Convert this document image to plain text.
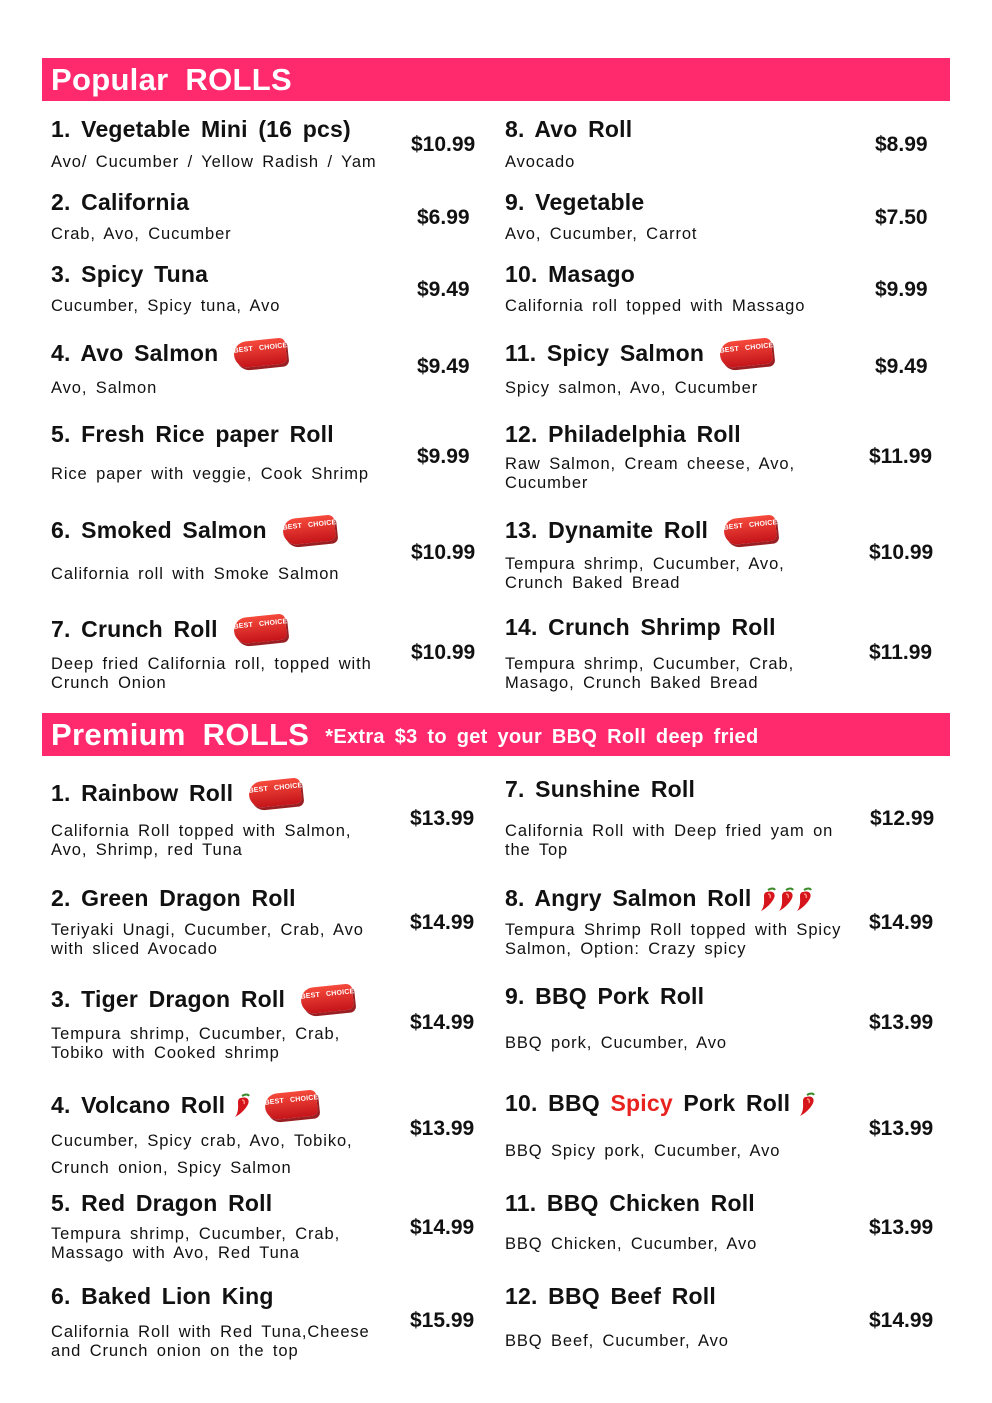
Popular ROLLS
1. Vegetable Mini (16 pcs)
Avo/ Cucumber / Yellow Radish / Yam
$10.99
2. California
Crab, Avo, Cucumber
$6.99
3. Spicy Tuna
Cucumber, Spicy tuna, Avo
$9.49
4. Avo Salmon BEST CHOICE
Avo, Salmon
$9.49
5. Fresh Rice paper Roll
Rice paper with veggie, Cook Shrimp
$9.99
6. Smoked Salmon BEST CHOICE
California roll with Smoke Salmon
$10.99
7. Crunch Roll BEST CHOICE
Deep fried California roll, topped with
Crunch Onion
$10.99
8. Avo Roll
Avocado
$8.99
9. Vegetable
Avo, Cucumber, Carrot
$7.50
10. Masago
California roll topped with Massago
$9.99
11. Spicy Salmon BEST CHOICE
Spicy salmon, Avo, Cucumber
$9.49
12. Philadelphia Roll
Raw Salmon, Cream cheese, Avo,
Cucumber
$11.99
13. Dynamite Roll BEST CHOICE
Tempura shrimp, Cucumber, Avo,
Crunch Baked Bread
$10.99
14. Crunch Shrimp Roll
Tempura shrimp, Cucumber, Crab,
Masago, Crunch Baked Bread
$11.99
Premium ROLLS *Extra $3 to get your BBQ Roll deep fried
1. Rainbow Roll BEST CHOICE
California Roll topped with Salmon,
Avo, Shrimp, red Tuna
$13.99
2. Green Dragon Roll
Teriyaki Unagi, Cucumber, Crab, Avo
with sliced Avocado
$14.99
3. Tiger Dragon Roll BEST CHOICE
Tempura shrimp, Cucumber, Crab,
Tobiko with Cooked shrimp
$14.99
4. Volcano Roll	BEST CHOICE
Cucumber, Spicy crab, Avo, Tobiko,
Crunch onion, Spicy Salmon
$13.99
5. Red Dragon Roll
Tempura shrimp, Cucumber, Crab,
Massago with Avo, Red Tuna
$14.99
6. Baked Lion King
California Roll with Red Tuna,Cheese
and Crunch onion on the top
$15.99
7. Sunshine Roll
California Roll with Deep fried yam on
the Top
$12.99
8. Angry Salmon Roll
Tempura Shrimp Roll topped with Spicy
Salmon, Option: Crazy spicy
$14.99
9. BBQ Pork Roll
BBQ pork, Cucumber, Avo
$13.99
10. BBQ Spicy Pork Roll
BBQ Spicy pork, Cucumber, Avo
$13.99
11. BBQ Chicken Roll
BBQ Chicken, Cucumber, Avo
$13.99
12. BBQ Beef Roll
BBQ Beef, Cucumber, Avo
$14.99
